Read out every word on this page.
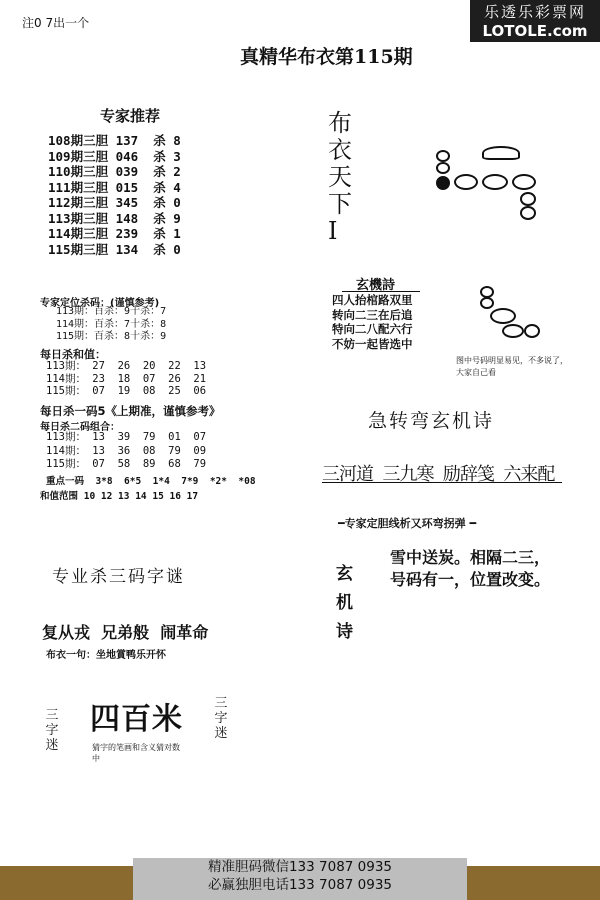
注0 7出一个
乐透乐彩票网
LOTOLE.com
真精华布衣第115期
专家推荐
108期三胆 137  杀 8
109期三胆 046  杀 3
110期三胆 039  杀 2
111期三胆 015  杀 4
112期三胆 345  杀 0
113期三胆 148  杀 9
114期三胆 239  杀 1
115期三胆 134  杀 0
专家定位杀码：(谨慎参考)
113期：百杀：9十杀：7
114期：百杀：7十杀：8
115期：百杀：8十杀：9
每日杀和值：
113期： 27  26  20  22  13
114期： 23  18  07  26  21
115期： 07  19  08  25  06
每日杀一码5《上期准，谨慎参考》
每日杀二码组合：
113期： 13  39  79  01  07
114期： 13  36  08  79  09
115期： 07  58  89  68  79
重点一码  3*8  6*5  1*4  7*9  *2*  *08
和值范围 10 12 13 14 15 16 17
专业杀三码字谜
复从戎  兄弟般  闹革命
布衣一句：坐地賞鸭乐开怀
三
字
迷
四百米
猜字的笔画和含义猜对数中
三
字
迷
布
衣
天
下
Ⅰ
玄機詩
四人抬棺路双里
转向二三在后追
特向二八配六行
不妨一起皆选中
图中号码明显易见，不多说了，大家自己看
急转弯玄机诗
三河道  三九寒  励辞笺  六来配
━专家定胆线析又环弯拐弹 ━
玄
机
诗
雪中送炭。相隔二三，
号码有一，位置改变。
精准胆码微信133 7087 0935
必赢独胆电话133 7087 0935
